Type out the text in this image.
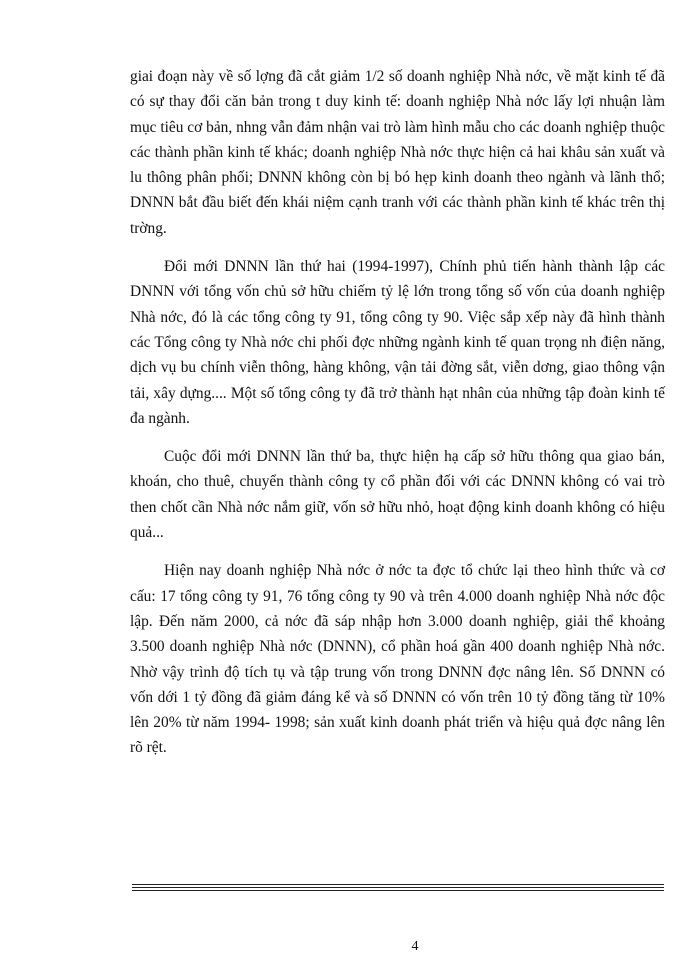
giai đoạn này về số lợng đã cắt giảm 1/2 số doanh nghiệp Nhà nớc, về mặt kinh tế đã có sự thay đổi căn bản trong t duy kinh tế: doanh nghiệp Nhà nớc lấy lợi nhuận làm mục tiêu cơ bản, nhng vẫn đảm nhận vai trò làm hình mẫu cho các doanh nghiệp thuộc các thành phần kinh tế khác; doanh nghiệp Nhà nớc thực hiện cả hai khâu sản xuất và lu thông phân phối; DNNN không còn bị bó hẹp kinh doanh theo ngành và lãnh thổ; DNNN bắt đầu biết đến khái niệm cạnh tranh với các thành phần kinh tế khác trên thị trờng.

Đổi mới DNNN lần thứ hai (1994-1997), Chính phủ tiến hành thành lập các DNNN với tổng vốn chủ sở hữu chiếm tỷ lệ lớn trong tổng số vốn của doanh nghiệp Nhà nớc, đó là các tổng công ty 91, tổng công ty 90. Việc sắp xếp này đã hình thành các Tổng công ty Nhà nớc chi phối đợc những ngành kinh tế quan trọng nh điện năng, dịch vụ bu chính viễn thông, hàng không, vận tải đờng sắt, viễn dơng, giao thông vận tải, xây dựng.... Một số tổng công ty đã trở thành hạt nhân của những tập đoàn kinh tế đa ngành.

Cuộc đổi mới DNNN lần thứ ba, thực hiện hạ cấp sở hữu thông qua giao bán, khoán, cho thuê, chuyển thành công ty cổ phần đối với các DNNN không có vai trò then chốt cần Nhà nớc nắm giữ, vốn sở hữu nhỏ, hoạt động kinh doanh không có hiệu quả...

Hiện nay doanh nghiệp Nhà nớc ở nớc ta đợc tổ chức lại theo hình thức và cơ cấu: 17 tổng công ty 91, 76 tổng công ty 90 và trên 4.000 doanh nghiệp Nhà nớc độc lập. Đến năm 2000, cả nớc đã sáp nhập hơn 3.000 doanh nghiệp, giải thể khoảng 3.500 doanh nghiệp Nhà nớc (DNNN), cổ phần hoá gần 400 doanh nghiệp Nhà nớc. Nhờ vậy trình độ tích tụ và tập trung vốn trong DNNN đợc nâng lên. Số DNNN có vốn dới 1 tỷ đồng đã giảm đáng kể và số DNNN có vốn trên 10 tỷ đồng tăng từ 10% lên 20% từ năm 1994- 1998; sản xuất kinh doanh phát triển và hiệu quả đợc nâng lên rõ rệt.

4
